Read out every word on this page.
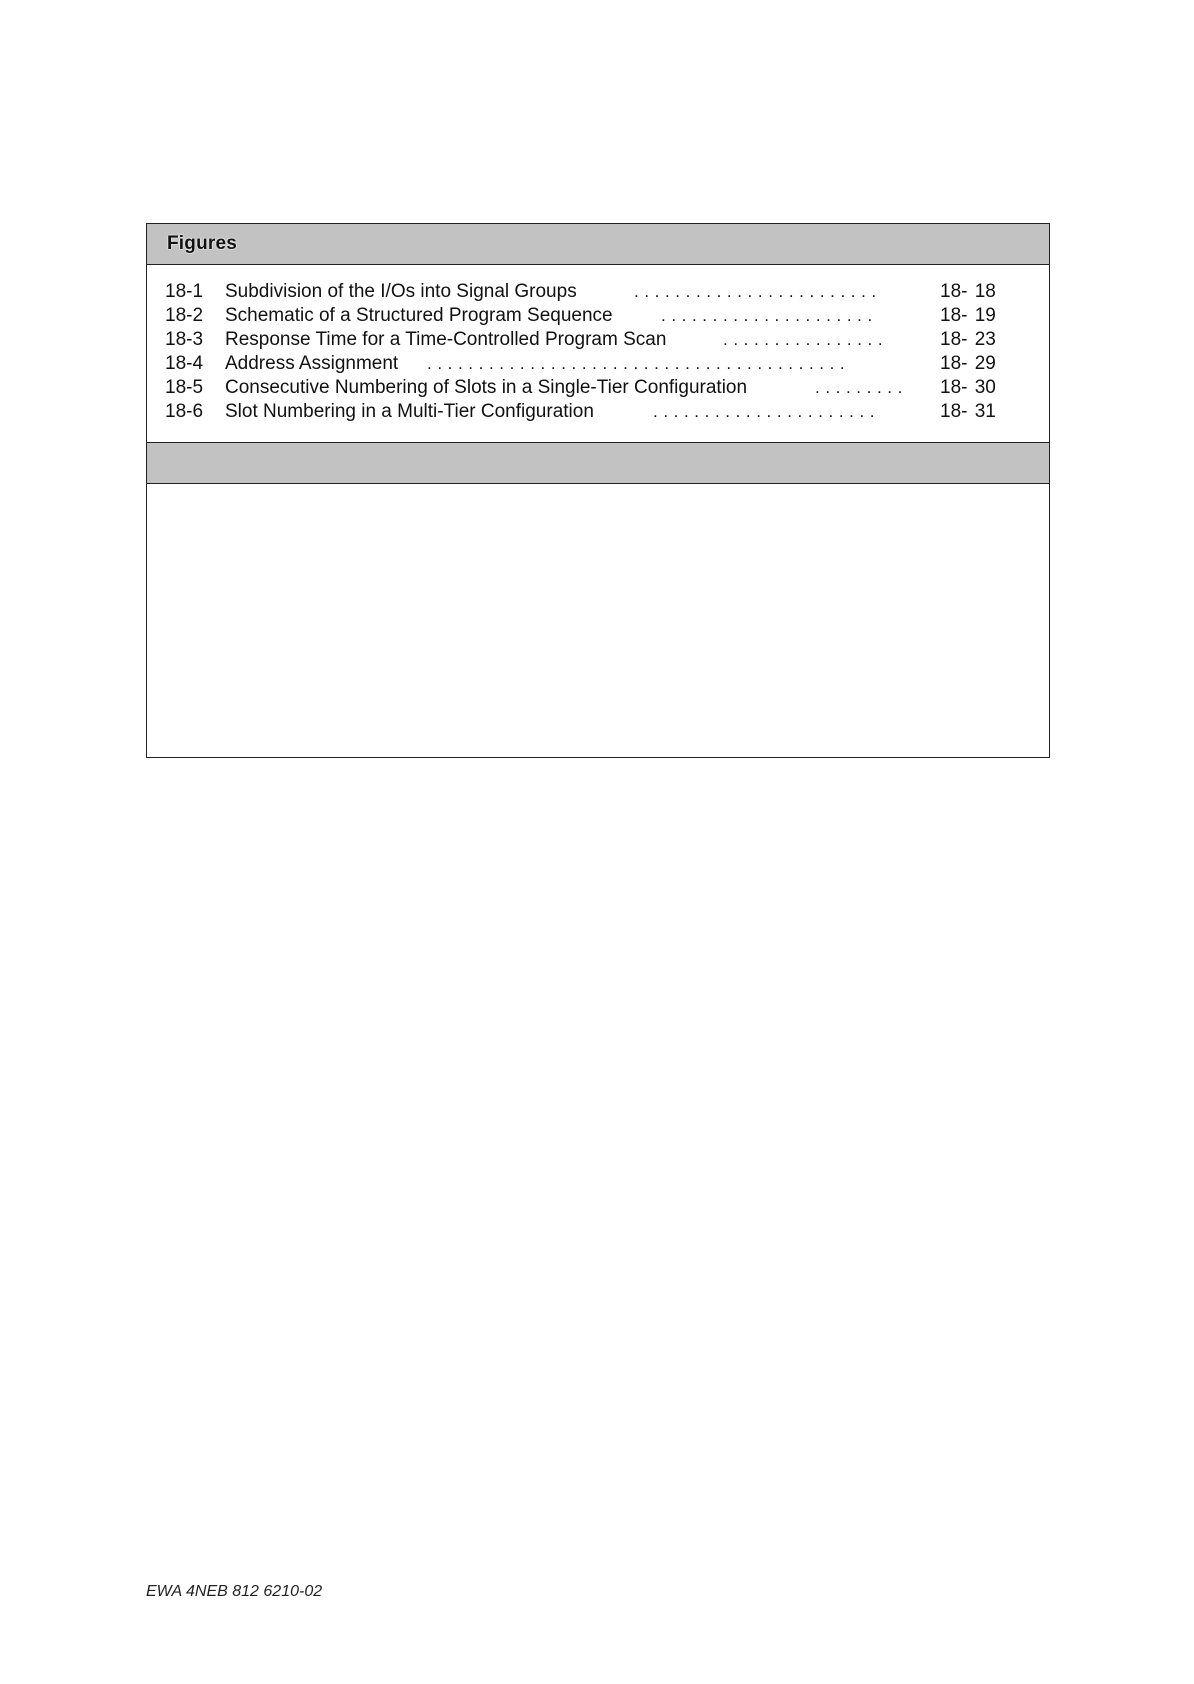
Figures
18-1 Subdivision of the I/Os into Signal Groups	........................	18- 18
18-2 Schematic of a Structured Program Sequence	.....................	18- 19
18-3 Response Time for a Time-Controlled Program Scan	................	18- 23
18-4 Address Assignment .........................................	18- 29
18-5 Consecutive Numbering of Slots in a Single-Tier Configuration	......... 18- 30
18-6 Slot Numbering in a Multi-Tier Configuration	......................	18- 31
EWA 4NEB 812 6210-02
